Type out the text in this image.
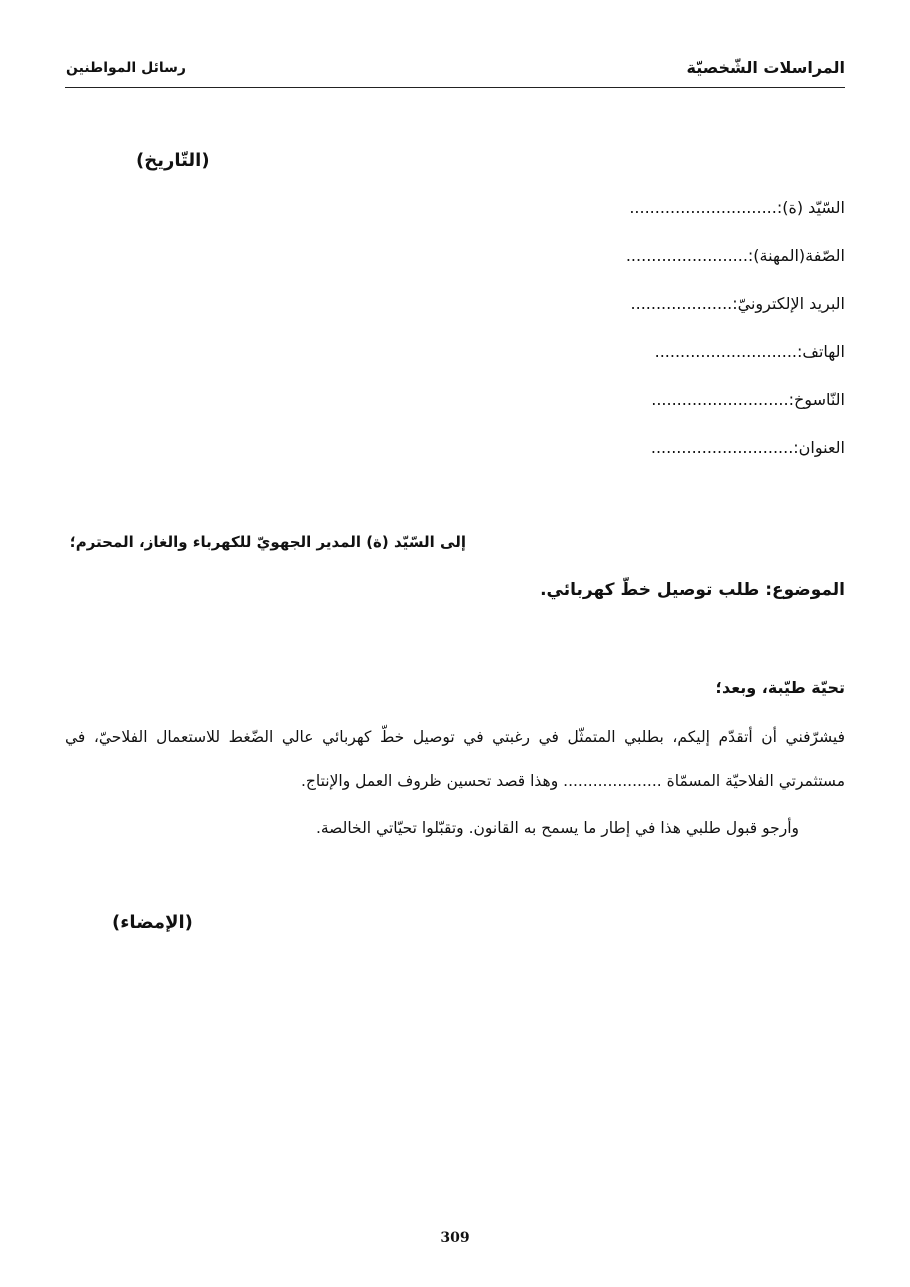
المراسلات الشّخصيّة
رسائل المواطنين
(التّاريخ)
السّيّد (ة):.............................
الصّفة(المهنة):........................
البريد الإلكترونيّ:....................
الهاتف:............................
النّاسوخ:...........................
العنوان:............................
إلى السّيّد (ة) المدير الجهويّ للكهرباء والغاز، المحترم؛
الموضوع: طلب توصيل خطّ كهربائي.
تحيّة طيّبة، وبعد؛
فيشرّفني أن أتقدّم إليكم، بطلبي المتمثّل في رغبتي في توصيل خطّ كهربائي عالي الضّغط للاستعمال الفلاحيّ، في
مستثمرتي الفلاحيّة المسمّاة .................... وهذا قصد تحسين ظروف العمل والإنتاج.
وأرجو قبول طلبي هذا في إطار ما يسمح به القانون. وتقبّلوا تحيّاتي الخالصة.
(الإمضاء)
309
